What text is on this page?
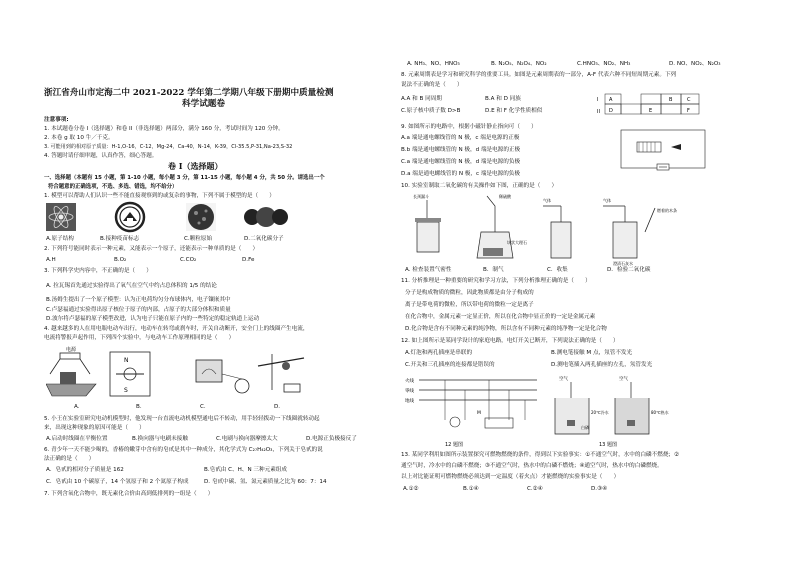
浙江省舟山市定海二中 2021-2022 学年第二学期八年级下册期中质量检测
科学试题卷
注意事项:
1. 本试题卷分卷 I（选择题）和卷 II（非选择题）两部分，满分 160 分，考试时间为 120 分钟。
2. 本卷 g 取 10 牛／千克。
3. 可能用到的相对原子质量：H-1,O-16，C-12，Mg-24，Ca-40，N-14，K-39，Cl-35.5,P-31,Na-23,S-32
4. 答题时请仔细审题，认真作答，细心答题。
卷 I（选择题）
一、选择题（本题有 15 小题，第 1-10 小题，每小题 3 分，第 11-15 小题，每小题 4 分，共 50 分。请选出一个
符合题意的正确选项，不选、多选、错选，均不给分）
1. 模型可以帮助人们认识一些不能直接观察到的或复杂的事物，下列不属于模型的是（　　）
A.原子结构	B.接种疫苗标志	C.颗粒原始	D.二氧化碳分子
2. 下列符号能同时表示一种元素，又能表示一个原子，还能表示一种单质的是（　　）
A.H	B.O₂	C.CO₂	D.Fe
3. 下列科学史内容中，不正确的是（　　）
A. 拉瓦锡首先通过实验得出了氧气在空气中约占总体积的 1/5 的结论
B.汤姆生提出了一个原子模型：认为正电荷均匀分布球体内，电子镶嵌其中
C.卢瑟福通过实验得出原子核位于原子的内部，占原子的大部分体积和质量
D.波尔将卢瑟福的原子模型改进，认为电子只能在原子内的一些特定的稳定轨道上运动
4. 越来越多的人在用电瓶电动车出行，电动车在转弯或刹车时，开关自动断开，安全门上的线圈产生电流，
电流将警报声起作用，下列四个实验中，与电动车工作原理相同的是（　　）
电源
N
S
A.	B.	C.	D.
5. 小王在实验室研究电动机模型时，他发现一台直流电动机模型通电后不转动，用手轻轻拨动一下线圈就转动起
来，出现这种现象的原因可能是（　　）
A.启动时线圈在平衡位置	B.换向器与电刷未接触	C.电刷与换向器摩擦太大	D.电源正负极接反了
6. 青少年一天不能少喝的，香椿的嫩芽中含有的皂甙是其中一种成分，其化学式为 C₂₇H₄₂O₃，下列关于皂甙的说
法正确的是（　　）
A．皂甙的相对分子质量是 162	B.皂甙由 C、H、N 三种元素组成
C．皂甙由 10 个碳原子，14 个氢原子和 2 个氮原子构成	D. 皂甙中碳、氢、氮元素质量之比为 60：7：14
7. 下列含氧化合物中，既无素化合价由高到低排列的一组是（　　）
A. NH₃、NO、HNO₃	B. N₂O₅、N₂O₄、NO₂	C.HNO₃、NO₂、NH₃	D. NO、NO₂、N₂O₃
8. 元素周期表是学习和研究科学的重要工具。如图是元素周期表的一部分，A-F 代表六种不同短周期元素。下列
说法不正确的是（　　）
A.A 和 B 同周期	B.A 和 D 同族
C.原子核中质子数 D>B	D.E 和 F 化学性质相似
I
II
A	B	C
D	E	F
9. 如图所示的电路中，根据小磁针静止指向可（　　）
A.a 端是通电螺线管的 N 极，c 端是电源的正极
B.b 端是通电螺线管的 N 极，d 端是电源的正极
C.a 端是通电螺线管的 N 极，d 端是电源的负极
D.a 端是通电螺线管的 N 极，c 端是电源的负极
10. 实验室制取二氧化碳的有关操作如下图，正确的是（　　）
长颈漏斗	稀硫酸
块状大理石
气体	气体
燃着的木条
澄清石灰水
A. 检查装置气密性	B．制气	C．收集	D．检验二氧化碳
11. 分析推理是一种重要的研究和学习方法，下列分析推理正确的是（　　）
分子是构成物质的微粒，因此物质都是由分子构成的
离子是带电荷的微粒，所以带电荷的微粒一定是离子
在化合物中，金属元素一定显正价，所以在化合物中显正价的一定是金属元素
D.化合物是含有不同种元素的纯净物，所以含有不同种元素的纯净物一定是化合物
12. 如上图所示是某同学设计的家庭电路，电灯开关已断开，下列说法正确的是（　　）
A.灯泡和两孔插座是串联的	B.测电笔接触 M 点，氖管不发光
C.开关和三孔插座的连接都是错误的	D.测电笔插入两孔插座的左孔，氖管发光
火线
零线
地线
M
空气
20℃冷水
白磷
空气
80℃热水
12 题图	13 题图
13. 某同学利用如图所示装置探究可燃物燃烧的条件，得到以下实验事实：①不通空气时，水中的白磷不燃烧；②
通空气时，冷水中的白磷不燃烧；③不通空气时，热水中的白磷不燃烧；④通空气时，热水中的白磷燃烧。
以上对比能证明可燃物燃烧必须达到一定温度（着火点）才能燃烧的实验事实是（　　）
A.①②	B.①④	C.②④	D.③④
